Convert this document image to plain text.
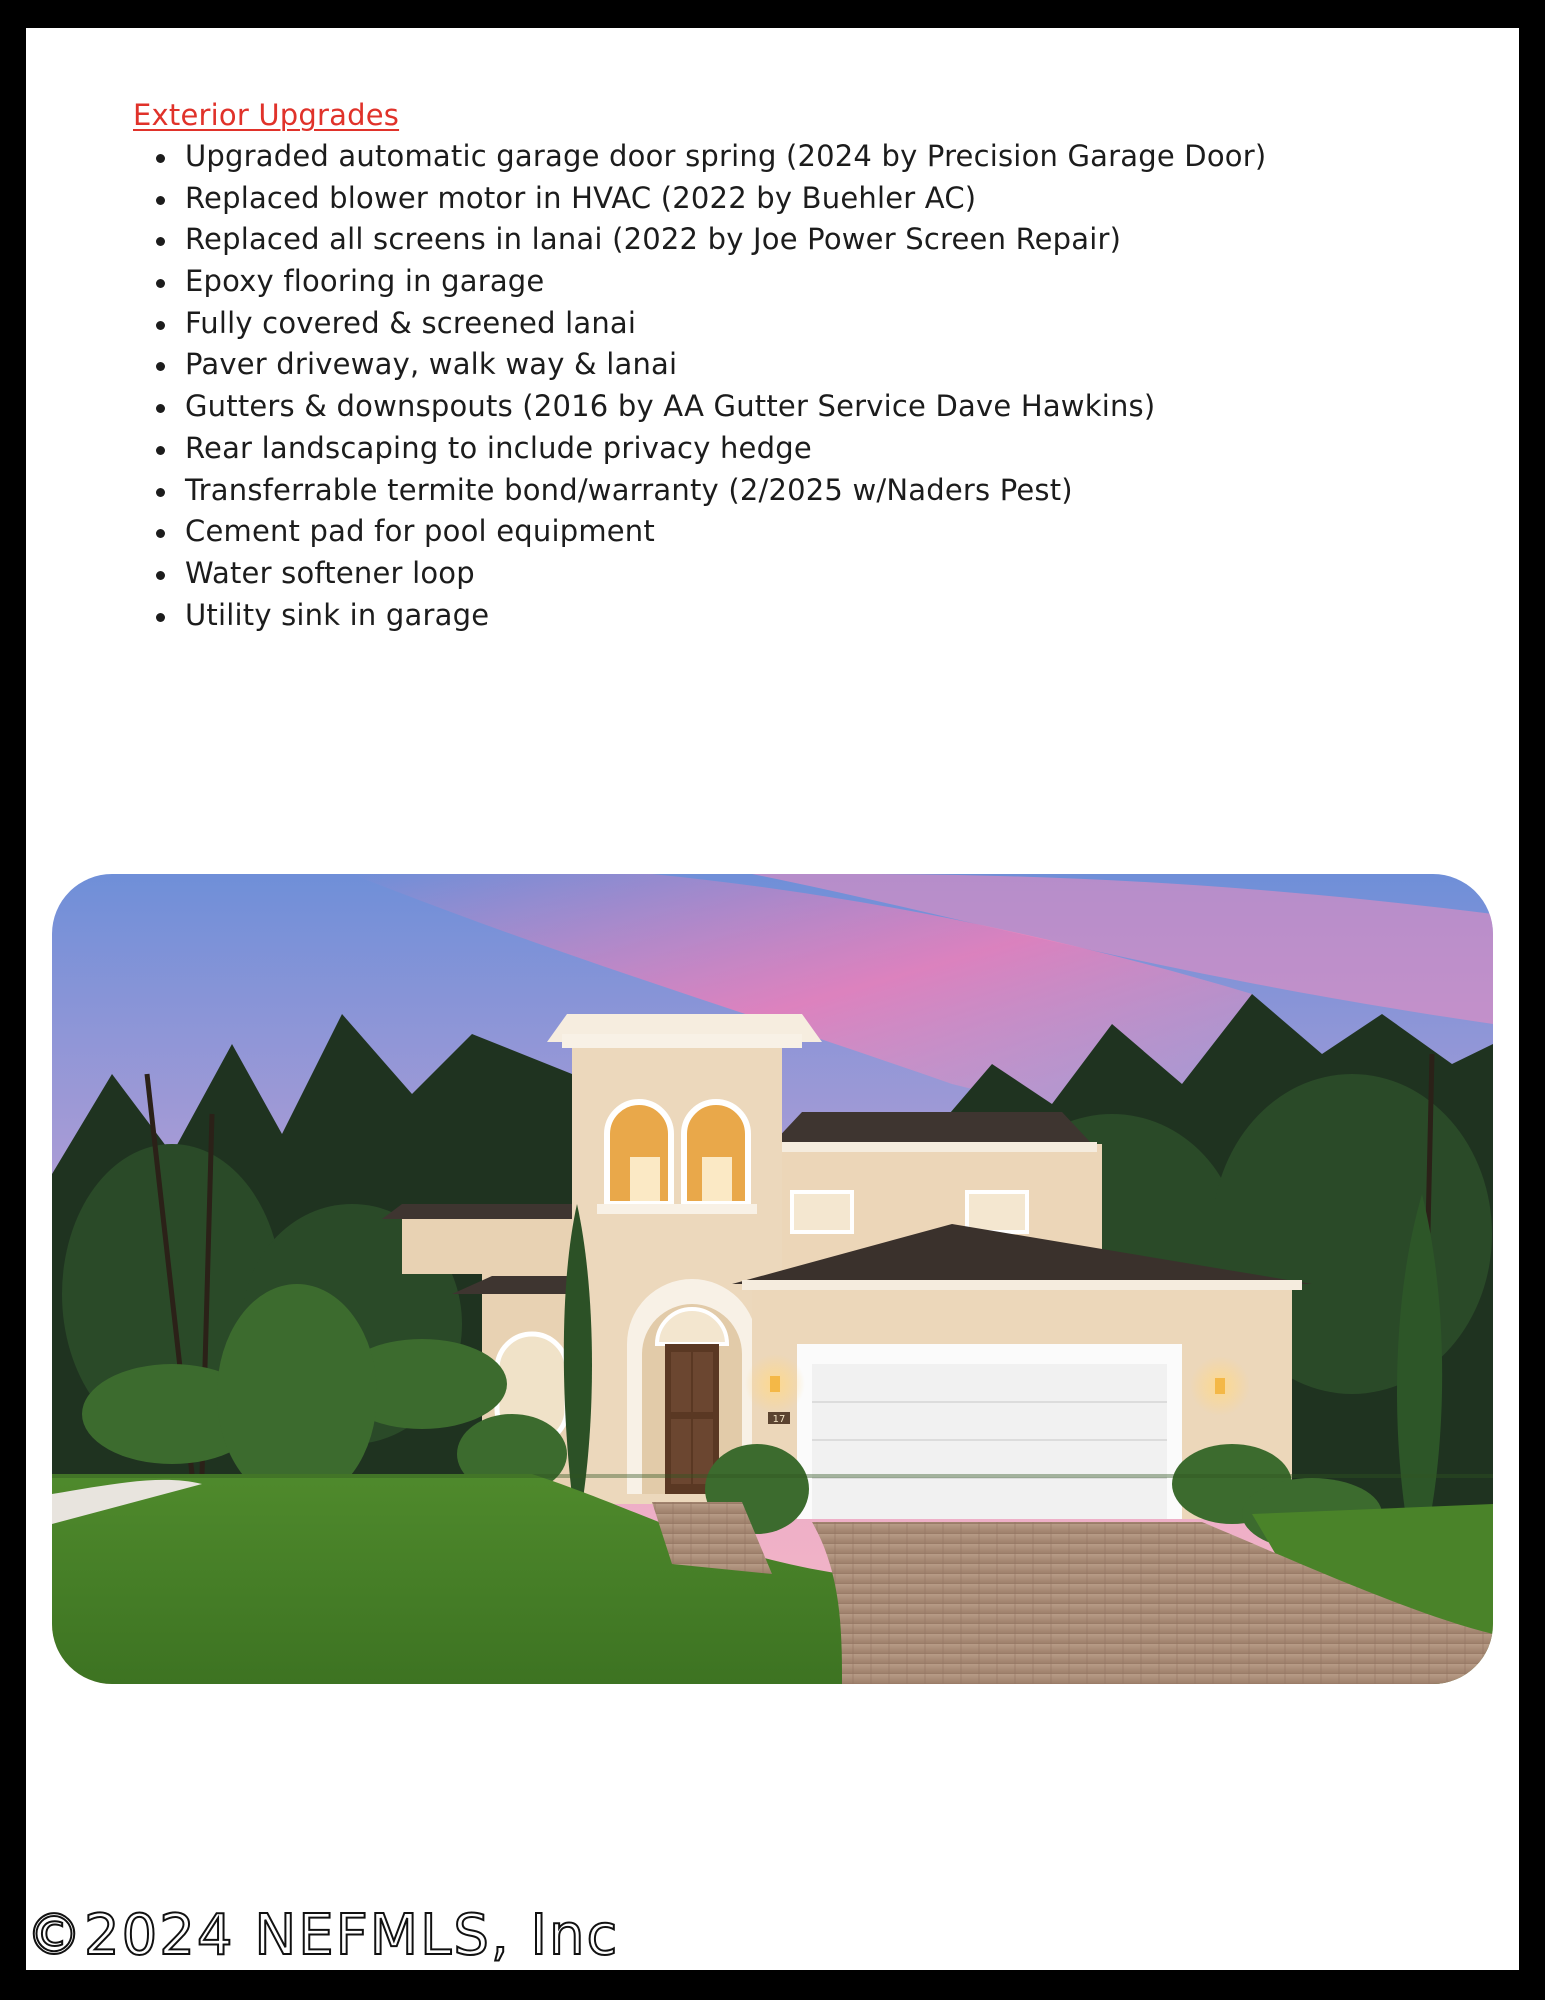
Exterior Upgrades
Upgraded automatic garage door spring (2024 by Precision Garage Door)
Replaced blower motor in HVAC (2022 by Buehler AC)
Replaced all screens in lanai (2022 by Joe Power Screen Repair)
Epoxy flooring in garage
Fully covered & screened lanai
Paver driveway, walk way & lanai
Gutters & downspouts (2016 by AA Gutter Service Dave Hawkins)
Rear landscaping to include privacy hedge
Transferrable termite bond/warranty (2/2025 w/Naders Pest)
Cement pad for pool equipment
Water softener loop
Utility sink in garage
17
©2024 NEFMLS, Inc
